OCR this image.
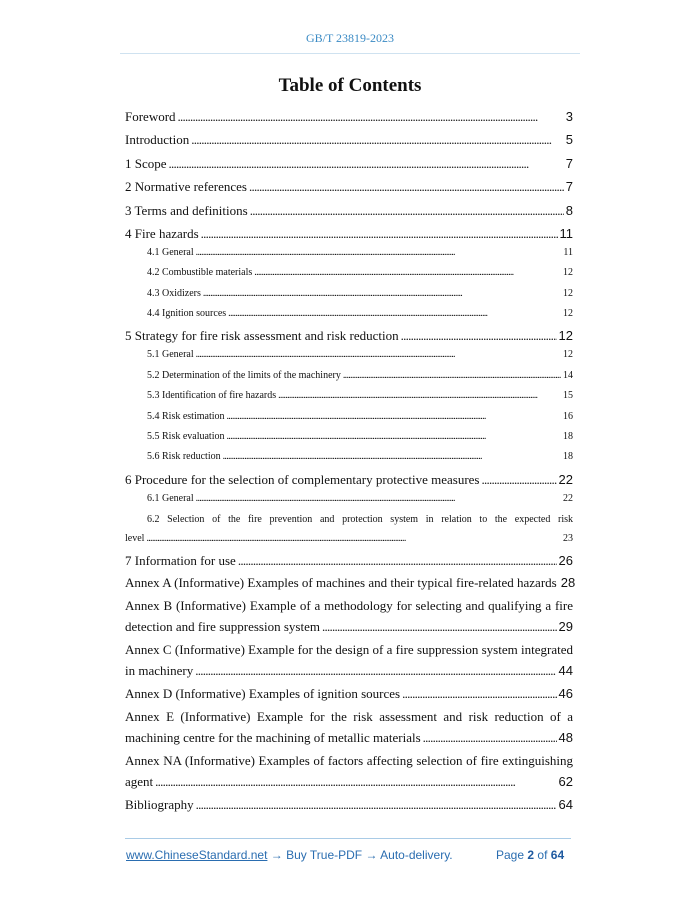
GB/T 23819-2023
Table of Contents
Foreword . . .	3
Introduction . . .	5
1 Scope . . .	7
2 Normative references . . .	7
3 Terms and definitions . . .	8
4 Fire hazards . . .	11
4.1 General . . .	11
4.2 Combustible materials . . .	12
4.3 Oxidizers . . .	12
4.4 Ignition sources . . .	12
5 Strategy for fire risk assessment and risk reduction . . .	12
5.1 General . . .	12
5.2 Determination of the limits of the machinery . . .	14
5.3 Identification of fire hazards . . .	15
5.4 Risk estimation . . .	16
5.5 Risk evaluation . . .	18
5.6 Risk reduction . . .	18
6 Procedure for the selection of complementary protective measures . . .	22
6.1 General . . .	22
6.2 Selection of the fire prevention and protection system in relation to the expected risk
level . . .	23
7 Information for use . . .	26
Annex A (Informative) Examples of machines and their typical fire-related hazards 28
Annex B (Informative) Example of a methodology for selecting and qualifying a fire
detection and fire suppression system . . .	29
Annex C (Informative) Example for the design of a fire suppression system integrated
in machinery . . .	44
Annex D (Informative) Examples of ignition sources . . .	46
Annex E (Informative) Example for the risk assessment and risk reduction of a
machining centre for the machining of metallic materials . . .	48
Annex NA (Informative) Examples of factors affecting selection of fire extinguishing
agent . . .	62
Bibliography . . .	64
www.ChineseStandard.net → Buy True-PDF → Auto-delivery.	Page 2 of 64
